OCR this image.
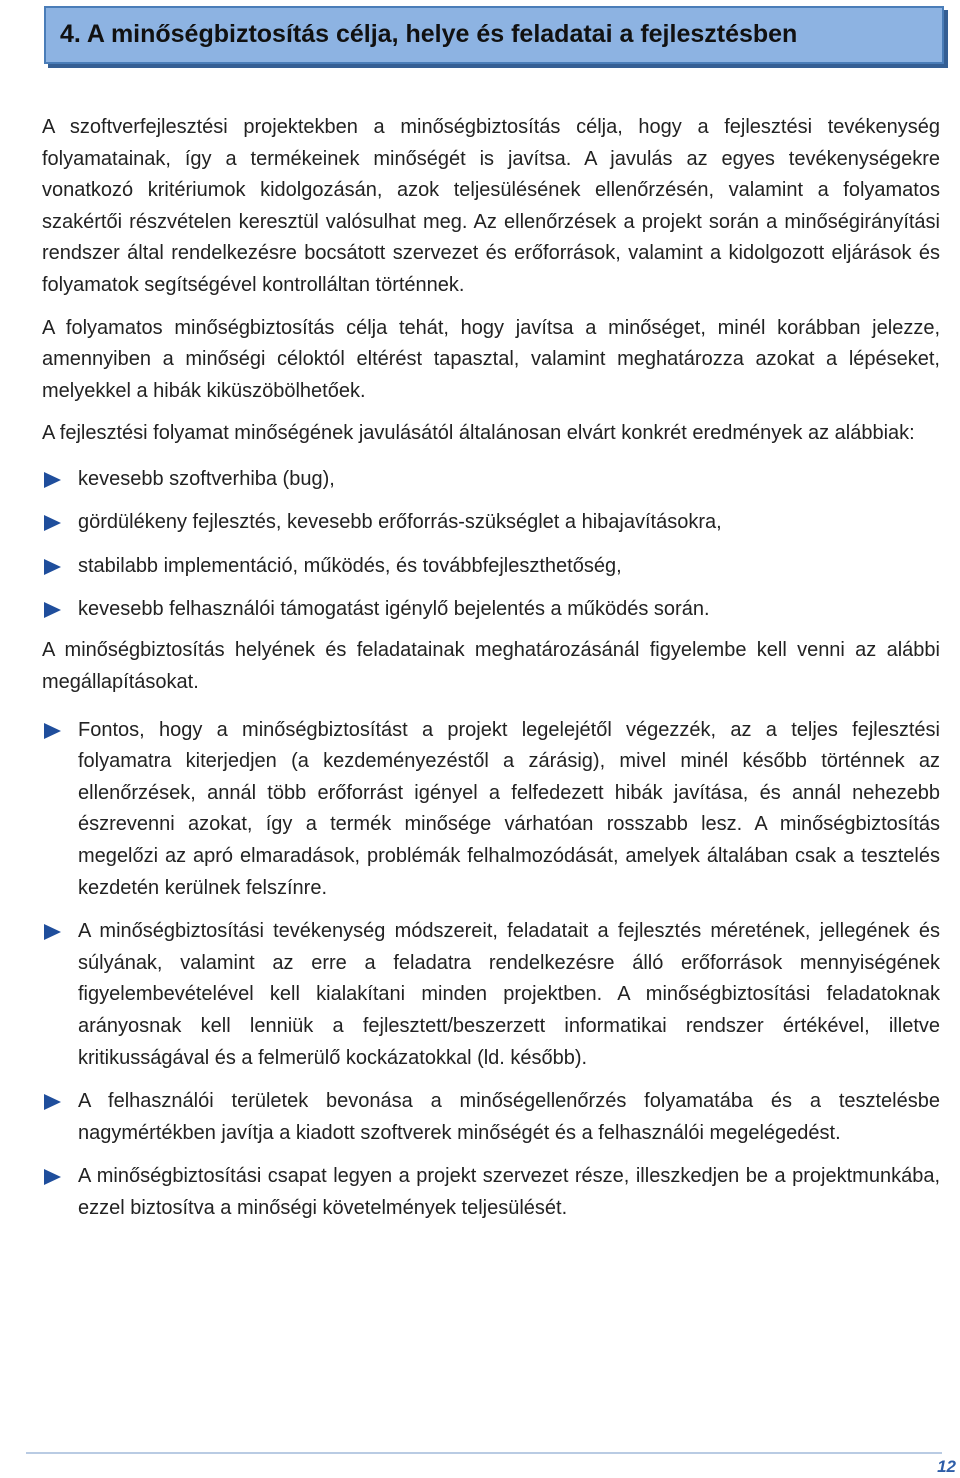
4. A minőségbiztosítás célja, helye és feladatai a fejlesztésben

A szoftverfejlesztési projektekben a minőségbiztosítás célja, hogy a fejlesztési tevékenység folyamatainak, így a termékeinek minőségét is javítsa. A javulás az egyes tevékenységekre vonatkozó kritériumok kidolgozásán, azok teljesülésének ellenőrzésén, valamint a folyamatos szakértői részvételen keresztül valósulhat meg. Az ellenőrzések a projekt során a minőségirányítási rendszer által rendelkezésre bocsátott szervezet és erőforrások, valamint a kidolgozott eljárások és folyamatok segítségével kontrolláltan történnek.

A folyamatos minőségbiztosítás célja tehát, hogy javítsa a minőséget, minél korábban jelezze, amennyiben a minőségi céloktól eltérést tapasztal, valamint meghatározza azokat a lépéseket, melyekkel a hibák kiküszöbölhetőek.

A fejlesztési folyamat minőségének javulásától általánosan elvárt konkrét eredmények az alábbiak:

kevesebb szoftverhiba (bug),
gördülékeny fejlesztés, kevesebb erőforrás-szükséglet a hibajavításokra,
stabilabb implementáció, működés, és továbbfejleszthetőség,
kevesebb felhasználói támogatást igénylő bejelentés a működés során.

A minőségbiztosítás helyének és feladatainak meghatározásánál figyelembe kell venni az alábbi megállapításokat.

Fontos, hogy a minőségbiztosítást a projekt legelejétől végezzék, az a teljes fejlesztési folyamatra kiterjedjen (a kezdeményezéstől a zárásig), mivel minél később történnek az ellenőrzések, annál több erőforrást igényel a felfedezett hibák javítása, és annál nehezebb észrevenni azokat, így a termék minősége várhatóan rosszabb lesz. A minőségbiztosítás megelőzi az apró elmaradások, problémák felhalmozódását, amelyek általában csak a tesztelés kezdetén kerülnek felszínre.
A minőségbiztosítási tevékenység módszereit, feladatait a fejlesztés méretének, jellegének és súlyának, valamint az erre a feladatra rendelkezésre álló erőforrások mennyiségének figyelembevételével kell kialakítani minden projektben. A minőségbiztosítási feladatoknak arányosnak kell lenniük a fejlesztett/beszerzett informatikai rendszer értékével, illetve kritikusságával és a felmerülő kockázatokkal (ld. később).
A felhasználói területek bevonása a minőségellenőrzés folyamatába és a tesztelésbe nagymértékben javítja a kiadott szoftverek minőségét és a felhasználói megelégedést.
A minőségbiztosítási csapat legyen a projekt szervezet része, illeszkedjen be a projektmunkába, ezzel biztosítva a minőségi követelmények teljesülését.
12
